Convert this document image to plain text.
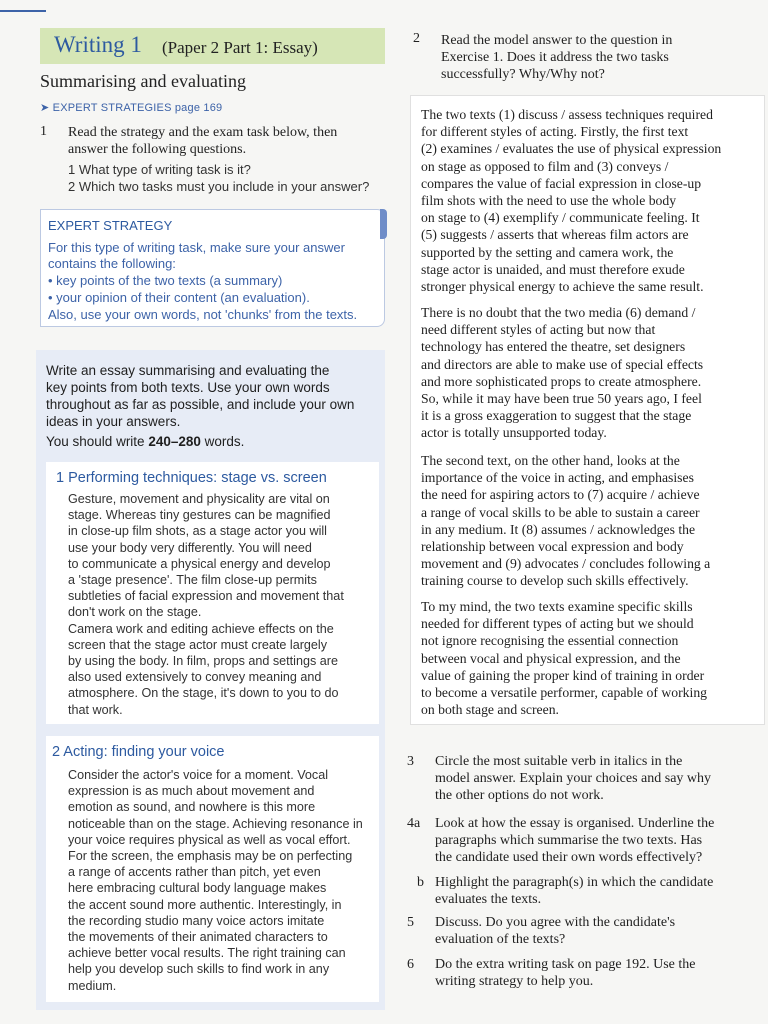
Writing 1 (Paper 2 Part 1: Essay)
Summarising and evaluating
➤ EXPERT STRATEGIES page 169
1 Read the strategy and the exam task below, then
answer the following questions.
1 What type of writing task is it?
2 Which two tasks must you include in your answer?
EXPERT STRATEGY
For this type of writing task, make sure your answer
contains the following:
• key points of the two texts (a summary)
• your opinion of their content (an evaluation).
Also, use your own words, not 'chunks' from the texts.
Write an essay summarising and evaluating the
key points from both texts. Use your own words
throughout as far as possible, and include your own
ideas in your answers.
You should write 240–280 words.
1 Performing techniques: stage vs. screen
Gesture, movement and physicality are vital on
stage. Whereas tiny gestures can be magnified
in close-up film shots, as a stage actor you will
use your body very differently. You will need
to communicate a physical energy and develop
a 'stage presence'. The film close-up permits
subtleties of facial expression and movement that
don't work on the stage.
Camera work and editing achieve effects on the
screen that the stage actor must create largely
by using the body. In film, props and settings are
also used extensively to convey meaning and
atmosphere. On the stage, it's down to you to do
that work.
2 Acting: finding your voice
Consider the actor's voice for a moment. Vocal
expression is as much about movement and
emotion as sound, and nowhere is this more
noticeable than on the stage. Achieving resonance in
your voice requires physical as well as vocal effort.
For the screen, the emphasis may be on perfecting
a range of accents rather than pitch, yet even
here embracing cultural body language makes
the accent sound more authentic. Interestingly, in
the recording studio many voice actors imitate
the movements of their animated characters to
achieve better vocal results. The right training can
help you develop such skills to find work in any
medium.
2 Read the model answer to the question in
Exercise 1. Does it address the two tasks
successfully? Why/Why not?
The two texts (1) discuss / assess techniques required
for different styles of acting. Firstly, the first text
(2) examines / evaluates the use of physical expression
on stage as opposed to film and (3) conveys /
compares the value of facial expression in close-up
film shots with the need to use the whole body
on stage to (4) exemplify / communicate feeling. It
(5) suggests / asserts that whereas film actors are
supported by the setting and camera work, the
stage actor is unaided, and must therefore exude
stronger physical energy to achieve the same result.
There is no doubt that the two media (6) demand /
need different styles of acting but now that
technology has entered the theatre, set designers
and directors are able to make use of special effects
and more sophisticated props to create atmosphere.
So, while it may have been true 50 years ago, I feel
it is a gross exaggeration to suggest that the stage
actor is totally unsupported today.
The second text, on the other hand, looks at the
importance of the voice in acting, and emphasises
the need for aspiring actors to (7) acquire / achieve
a range of vocal skills to be able to sustain a career
in any medium. It (8) assumes / acknowledges the
relationship between vocal expression and body
movement and (9) advocates / concludes following a
training course to develop such skills effectively.
To my mind, the two texts examine specific skills
needed for different types of acting but we should
not ignore recognising the essential connection
between vocal and physical expression, and the
value of gaining the proper kind of training in order
to become a versatile performer, capable of working
on both stage and screen.
3 Circle the most suitable verb in italics in the
model answer. Explain your choices and say why
the other options do not work.
4a Look at how the essay is organised. Underline the
paragraphs which summarise the two texts. Has
the candidate used their own words effectively?
b Highlight the paragraph(s) in which the candidate
evaluates the texts.
5 Discuss. Do you agree with the candidate's
evaluation of the texts?
6 Do the extra writing task on page 192. Use the
writing strategy to help you.
